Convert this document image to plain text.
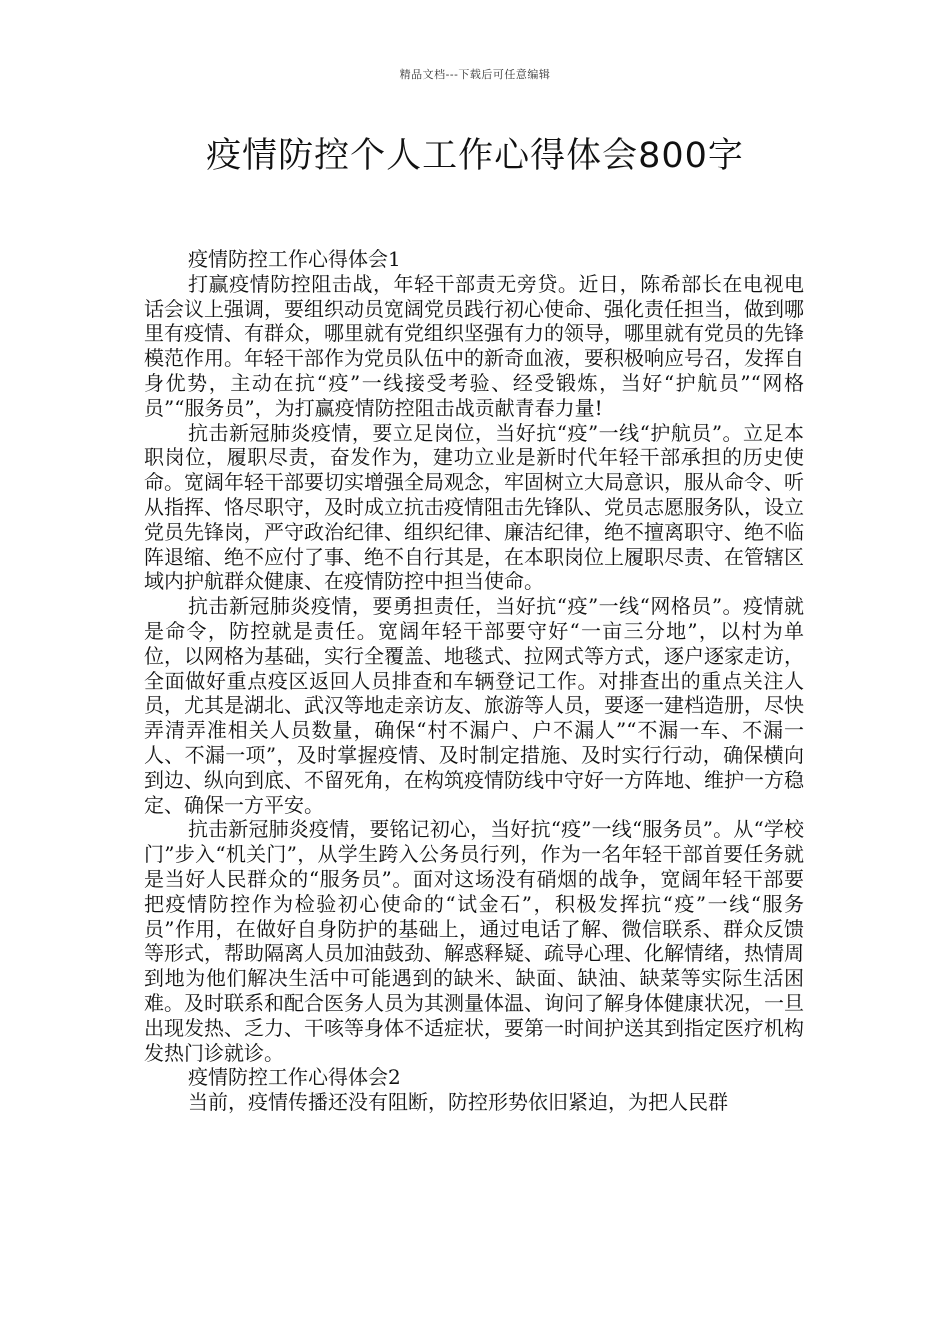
精品文档---下载后可任意编辑
疫情防控个人工作心得体会800字

疫情防控工作心得体会1

打赢疫情防控阻击战，年轻干部责无旁贷。近日，陈希部长在电视电话会议上强调，要组织动员宽阔党员践行初心使命、强化责任担当，做到哪里有疫情、有群众，哪里就有党组织坚强有力的领导，哪里就有党员的先锋模范作用。年轻干部作为党员队伍中的新奇血液，要积极响应号召，发挥自身优势，主动在抗“疫”一线接受考验、经受锻炼，当好“护航员”“网格员”“服务员”，为打赢疫情防控阻击战贡献青春力量!

抗击新冠肺炎疫情，要立足岗位，当好抗“疫”一线“护航员”。立足本职岗位，履职尽责，奋发作为，建功立业是新时代年轻干部承担的历史使命。宽阔年轻干部要切实增强全局观念，牢固树立大局意识，服从命令、听从指挥、恪尽职守，及时成立抗击疫情阻击先锋队、党员志愿服务队，设立党员先锋岗，严守政治纪律、组织纪律、廉洁纪律，绝不擅离职守、绝不临阵退缩、绝不应付了事、绝不自行其是，在本职岗位上履职尽责、在管辖区域内护航群众健康、在疫情防控中担当使命。

抗击新冠肺炎疫情，要勇担责任，当好抗“疫”一线“网格员”。疫情就是命令，防控就是责任。宽阔年轻干部要守好“一亩三分地”，以村为单位，以网格为基础，实行全覆盖、地毯式、拉网式等方式，逐户逐家走访，全面做好重点疫区返回人员排查和车辆登记工作。对排查出的重点关注人员，尤其是湖北、武汉等地走亲访友、旅游等人员，要逐一建档造册，尽快弄清弄准相关人员数量，确保“村不漏户、户不漏人”“不漏一车、不漏一人、不漏一项”，及时掌握疫情、及时制定措施、及时实行行动，确保横向到边、纵向到底、不留死角，在构筑疫情防线中守好一方阵地、维护一方稳定、确保一方平安。

抗击新冠肺炎疫情，要铭记初心，当好抗“疫”一线“服务员”。从“学校门”步入“机关门”，从学生跨入公务员行列，作为一名年轻干部首要任务就是当好人民群众的“服务员”。面对这场没有硝烟的战争，宽阔年轻干部要把疫情防控作为检验初心使命的“试金石”，积极发挥抗“疫”一线“服务员”作用，在做好自身防护的基础上，通过电话了解、微信联系、群众反馈等形式，帮助隔离人员加油鼓劲、解惑释疑、疏导心理、化解情绪，热情周到地为他们解决生活中可能遇到的缺米、缺面、缺油、缺菜等实际生活困难。及时联系和配合医务人员为其测量体温、询问了解身体健康状况，一旦出现发热、乏力、干咳等身体不适症状，要第一时间护送其到指定医疗机构发热门诊就诊。

疫情防控工作心得体会2

当前，疫情传播还没有阻断，防控形势依旧紧迫，为把人民群
